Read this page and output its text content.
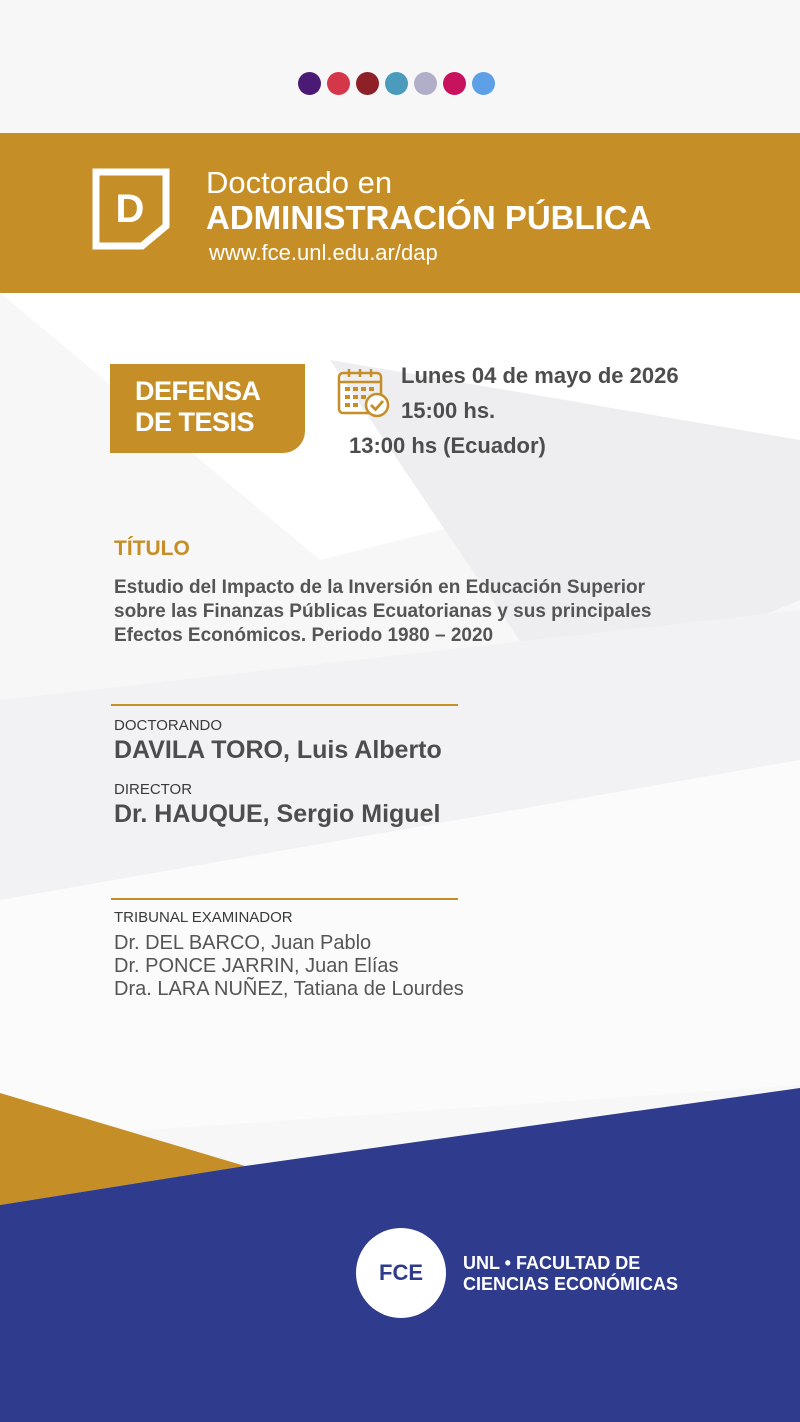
D
Doctorado en
ADMINISTRACIÓN PÚBLICA
www.fce.unl.edu.ar/dap
DEFENSA
DE TESIS
Lunes 04 de mayo de 2026
15:00 hs.
13:00 hs (Ecuador)
TÍTULO
Estudio del Impacto de la Inversión en Educación Superior
sobre las Finanzas Públicas Ecuatorianas y sus principales
Efectos Económicos. Periodo 1980 – 2020
DOCTORANDO
DAVILA TORO, Luis Alberto
DIRECTOR
Dr. HAUQUE, Sergio Miguel
TRIBUNAL EXAMINADOR
Dr. DEL BARCO, Juan Pablo
Dr. PONCE JARRIN, Juan Elías
Dra. LARA NUÑEZ, Tatiana de Lourdes
FCE UNL • FACULTAD DE
CIENCIAS ECONÓMICAS
